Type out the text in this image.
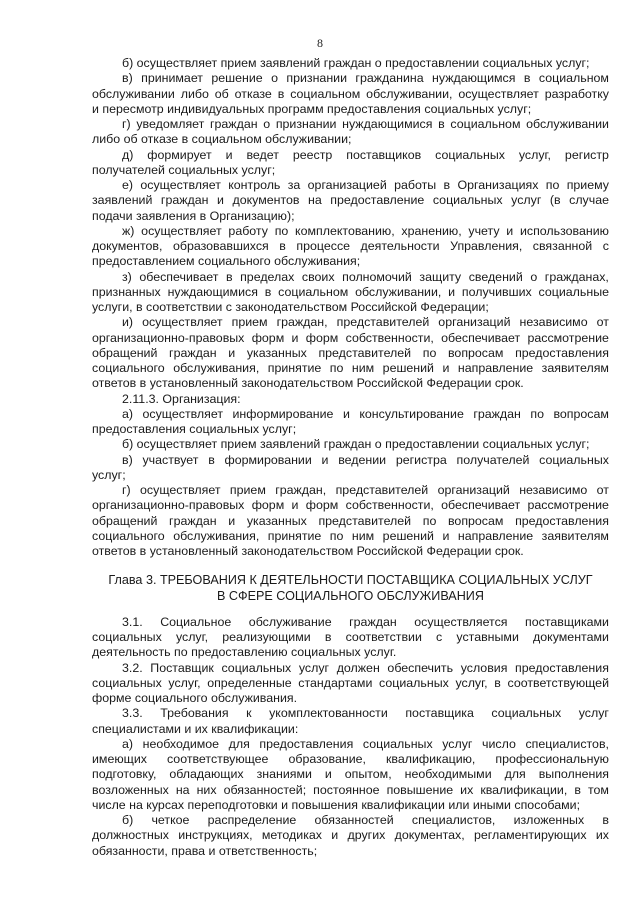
8
б) осуществляет прием заявлений граждан о предоставлении социальных услуг;
в) принимает решение о признании гражданина нуждающимся в социальном
обслуживании либо об отказе в социальном обслуживании, осуществляет разработку
и пересмотр индивидуальных программ предоставления социальных услуг;
г) уведомляет граждан о признании нуждающимися в социальном обслуживании
либо об отказе в социальном обслуживании;
д) формирует и ведет реестр поставщиков социальных услуг, регистр
получателей социальных услуг;
е) осуществляет контроль за организацией работы в Организациях по приему
заявлений граждан и документов на предоставление социальных услуг (в случае
подачи заявления в Организацию);
ж) осуществляет работу по комплектованию, хранению, учету и использованию
документов, образовавшихся в процессе деятельности Управления, связанной с
предоставлением социального обслуживания;
з) обеспечивает в пределах своих полномочий защиту сведений о гражданах,
признанных нуждающимися в социальном обслуживании, и получивших социальные
услуги, в соответствии с законодательством Российской Федерации;
и) осуществляет прием граждан, представителей организаций независимо от
организационно-правовых форм и форм собственности, обеспечивает рассмотрение
обращений граждан и указанных представителей по вопросам предоставления
социального обслуживания, принятие по ним решений и направление заявителям
ответов в установленный законодательством Российской Федерации срок.
2.11.3. Организация:
а) осуществляет информирование и консультирование граждан по вопросам
предоставления социальных услуг;
б) осуществляет прием заявлений граждан о предоставлении социальных услуг;
в) участвует в формировании и ведении регистра получателей социальных
услуг;
г) осуществляет прием граждан, представителей организаций независимо от
организационно-правовых форм и форм собственности, обеспечивает рассмотрение
обращений граждан и указанных представителей по вопросам предоставления
социального обслуживания, принятие по ним решений и направление заявителям
ответов в установленный законодательством Российской Федерации срок.
Глава 3. ТРЕБОВАНИЯ К ДЕЯТЕЛЬНОСТИ ПОСТАВЩИКА СОЦИАЛЬНЫХ УСЛУГ
В СФЕРЕ СОЦИАЛЬНОГО ОБСЛУЖИВАНИЯ
3.1. Социальное обслуживание граждан осуществляется поставщиками
социальных услуг, реализующими в соответствии с уставными документами
деятельность по предоставлению социальных услуг.
3.2. Поставщик социальных услуг должен обеспечить условия предоставления
социальных услуг, определенные стандартами социальных услуг, в соответствующей
форме социального обслуживания.
3.3. Требования к укомплектованности поставщика социальных услуг
специалистами и их квалификации:
а) необходимое для предоставления социальных услуг число специалистов,
имеющих соответствующее образование, квалификацию, профессиональную
подготовку, обладающих знаниями и опытом, необходимыми для выполнения
возложенных на них обязанностей; постоянное повышение их квалификации, в том
числе на курсах переподготовки и повышения квалификации или иными способами;
б) четкое распределение обязанностей специалистов, изложенных в
должностных инструкциях, методиках и других документах, регламентирующих их
обязанности, права и ответственность;
